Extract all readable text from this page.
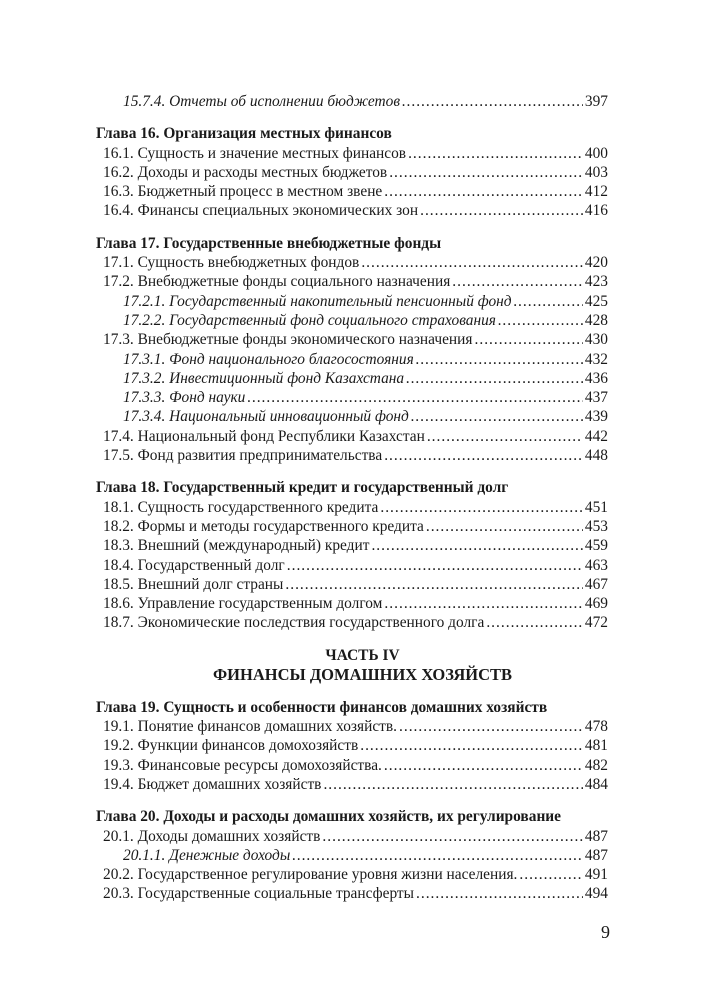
15.7.4. Отчеты об исполнении бюджетов .....	397
Глава 16. Организация местных финансов
16.1. Сущность и значение местных финансов .....	400
16.2. Доходы и расходы местных бюджетов .....	403
16.3. Бюджетный процесс в местном звене .....	412
16.4. Финансы специальных экономических зон .....	416
Глава 17. Государственные внебюджетные фонды
17.1. Сущность внебюджетных фондов .....	420
17.2. Внебюджетные фонды социального назначения .....	423
17.2.1. Государственный накопительный пенсионный фонд .....	425
17.2.2. Государственный фонд социального страхования .....	428
17.3. Внебюджетные фонды экономического назначения .....	430
17.3.1. Фонд национального благосостояния .....	432
17.3.2. Инвестиционный фонд Казахстана .....	436
17.3.3. Фонд науки .....	437
17.3.4. Национальный инновационный фонд .....	439
17.4. Национальный фонд Республики Казахстан .....	442
17.5. Фонд развития предпринимательства .....	448
Глава 18. Государственный кредит и государственный долг
18.1. Сущность государственного кредита .....	451
18.2. Формы и методы государственного кредита .....	453
18.3. Внешний (международный) кредит .....	459
18.4. Государственный долг .....	463
18.5. Внешний долг страны .....	467
18.6. Управление государственным долгом .....	469
18.7. Экономические последствия государственного долга .....	472
ЧАСТЬ IV
ФИНАНСЫ ДОМАШНИХ ХОЗЯЙСТВ
Глава 19. Сущность и особенности финансов домашних хозяйств
19.1. Понятие финансов домашних хозяйств. .....	478
19.2. Функции финансов домохозяйств .....	481
19.3. Финансовые ресурсы домохозяйства. .....	482
19.4. Бюджет домашних хозяйств .....	484
Глава 20. Доходы и расходы домашних хозяйств, их регулирование
20.1. Доходы домашних хозяйств .....	487
20.1.1. Денежные доходы .....	487
20.2. Государственное регулирование уровня жизни населения. .....	491
20.3. Государственные социальные трансферты .....	494
9
